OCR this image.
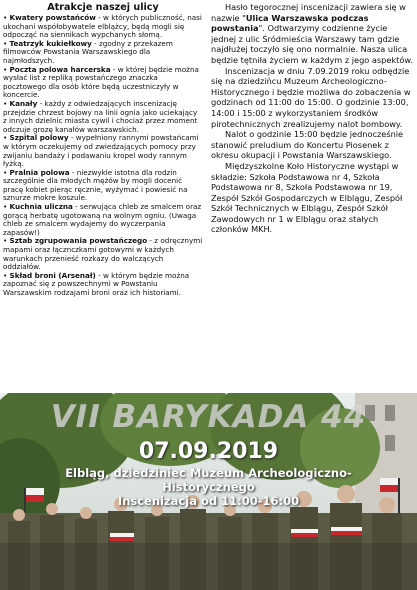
Atrakcje naszej ulicy

• Kwatery powstańców - w których publiczność, nasi ukochani współobywatele elblążcy, będą mogli się odpocząć na siennikach wypchanych słomą.

• Teatrzyk kukiełkowy - zgodny z przekazem filmowców Powstania Warszawskiego dla najmłodszych.

• Poczta polowa harcerska - w której będzie można wysłać list z repliką powstańczego znaczka pocztowego dla osób które będą uczestniczyły w koncercie.

• Kanały - każdy z odwiedzających inscenizację przejdzie chrzest bojowy na linii ognia jako uciekający z innych dzielnic miasta cywil i chociaż przez moment odczuje grozę kanałów warszawskich.

• Szpital polowy - wypełniony rannymi powstańcami w którym oczekujemy od zwiedzających pomocy przy zwijaniu bandaży i podawaniu kropel wody rannym łyżką.

• Pralnia polowa - niezwykle istotna dla rodzin szczególnie dla młodych mężów by mogli docenić pracę kobiet pierąc ręcznie, wyżymać i powiesić na sznurze mokre koszule.

• Kuchnia uliczna - serwująca chleb ze smalcem oraz gorącą herbatę ugotowaną na wolnym ogniu. (Uwaga chleb ze smalcem wydajemy do wyczerpania zapasów!)

• Sztab zgrupowania powstańczego - z odręcznymi mapami oraz łącznczkami gotowymi w każdych warunkach przenieść rozkazy do walczących oddziałów.

• Skład broni (Arsenał) - w którym będzie można zapoznać się z powszechnymi w Powstaniu Warszawskim rodzajami broni oraz ich historiami.

Hasło tegorocznej inscenizacji zawiera się w nazwie "Ulica Warszawska podczas powstania". Odtwarzymy codzienne życie jednej z ulic Śródmieścia Warszawy tam gdzie najdłużej toczyło się ono normalnie. Nasza ulica będzie tętniła życiem w każdym z jego aspektów.

Inscenizacja w dniu 7.09.2019 roku odbędzie się na dziedzińcu Muzeum Archeologiczno-Historycznego i będzie możliwa do zobaczenia w godzinach od 11:00 do 15:00. O godzinie 13:00, 14:00 i 15:00 z wykorzystaniem środków pirotechnicznych zrealizujemy nalot bombowy.

Nalot o godzinie 15:00 będzie jednocześnie stanowić preludium do Koncertu Piosenek z okresu okupacji i Powstania Warszawskiego.

Międzyszkolne Koło Historyczne wystąpi w składzie: Szkoła Podstawowa nr 4, Szkoła Podstawowa nr 8, Szkoła Podstawowa nr 19, Zespół Szkół Gospodarczych w Elblągu, Zespół Szkół Technicznych w Elblągu, Zespół Szkół Zawodowych nr 1 w Elblągu oraz stałych członków MKH.

VII BARYKADA 44
07.09.2019
Elbląg, dziedziniec Muzeum Archeologiczno-Historycznego
Inscenizacja od 11:00-16:00
